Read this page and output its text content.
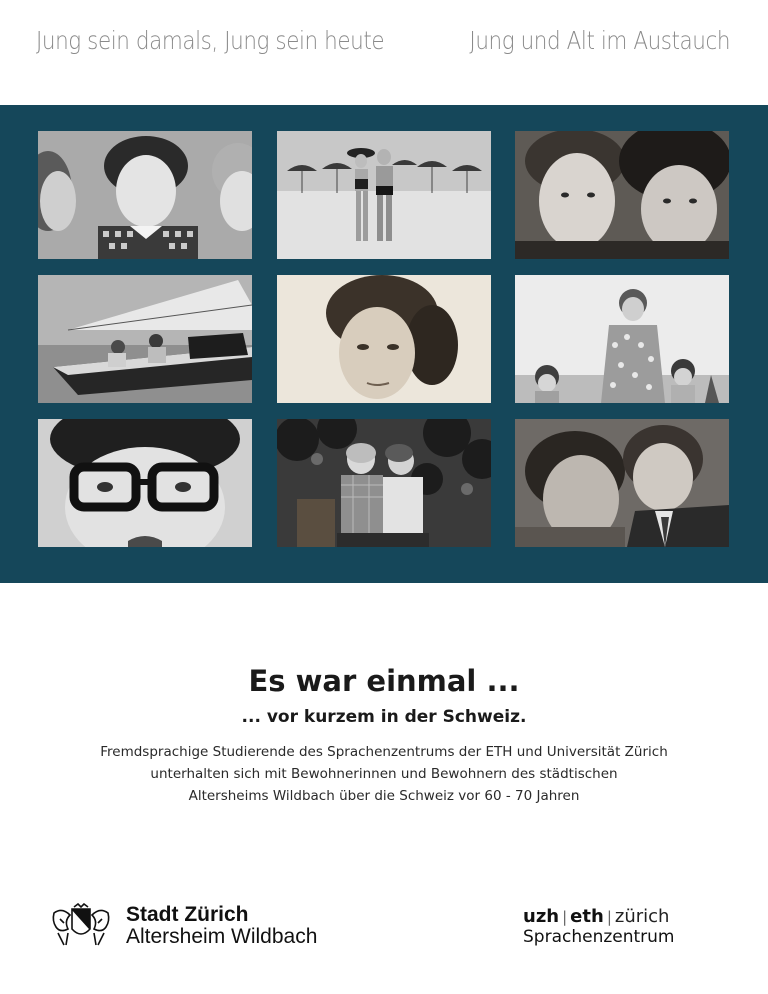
Jung sein damals, Jung sein heute	Jung und Alt im Austauch
Es war einmal ...
... vor kurzem in der Schweiz.
Fremdsprachige Studierende des Sprachenzentrums der ETH und Universität Zürich
unterhalten sich mit Bewohnerinnen und Bewohnern des städtischen
Altersheims Wildbach über die Schweiz vor 60 - 70 Jahren
Stadt Zürich
Altersheim Wildbach
uzh | eth | zürich
Sprachenzentrum
